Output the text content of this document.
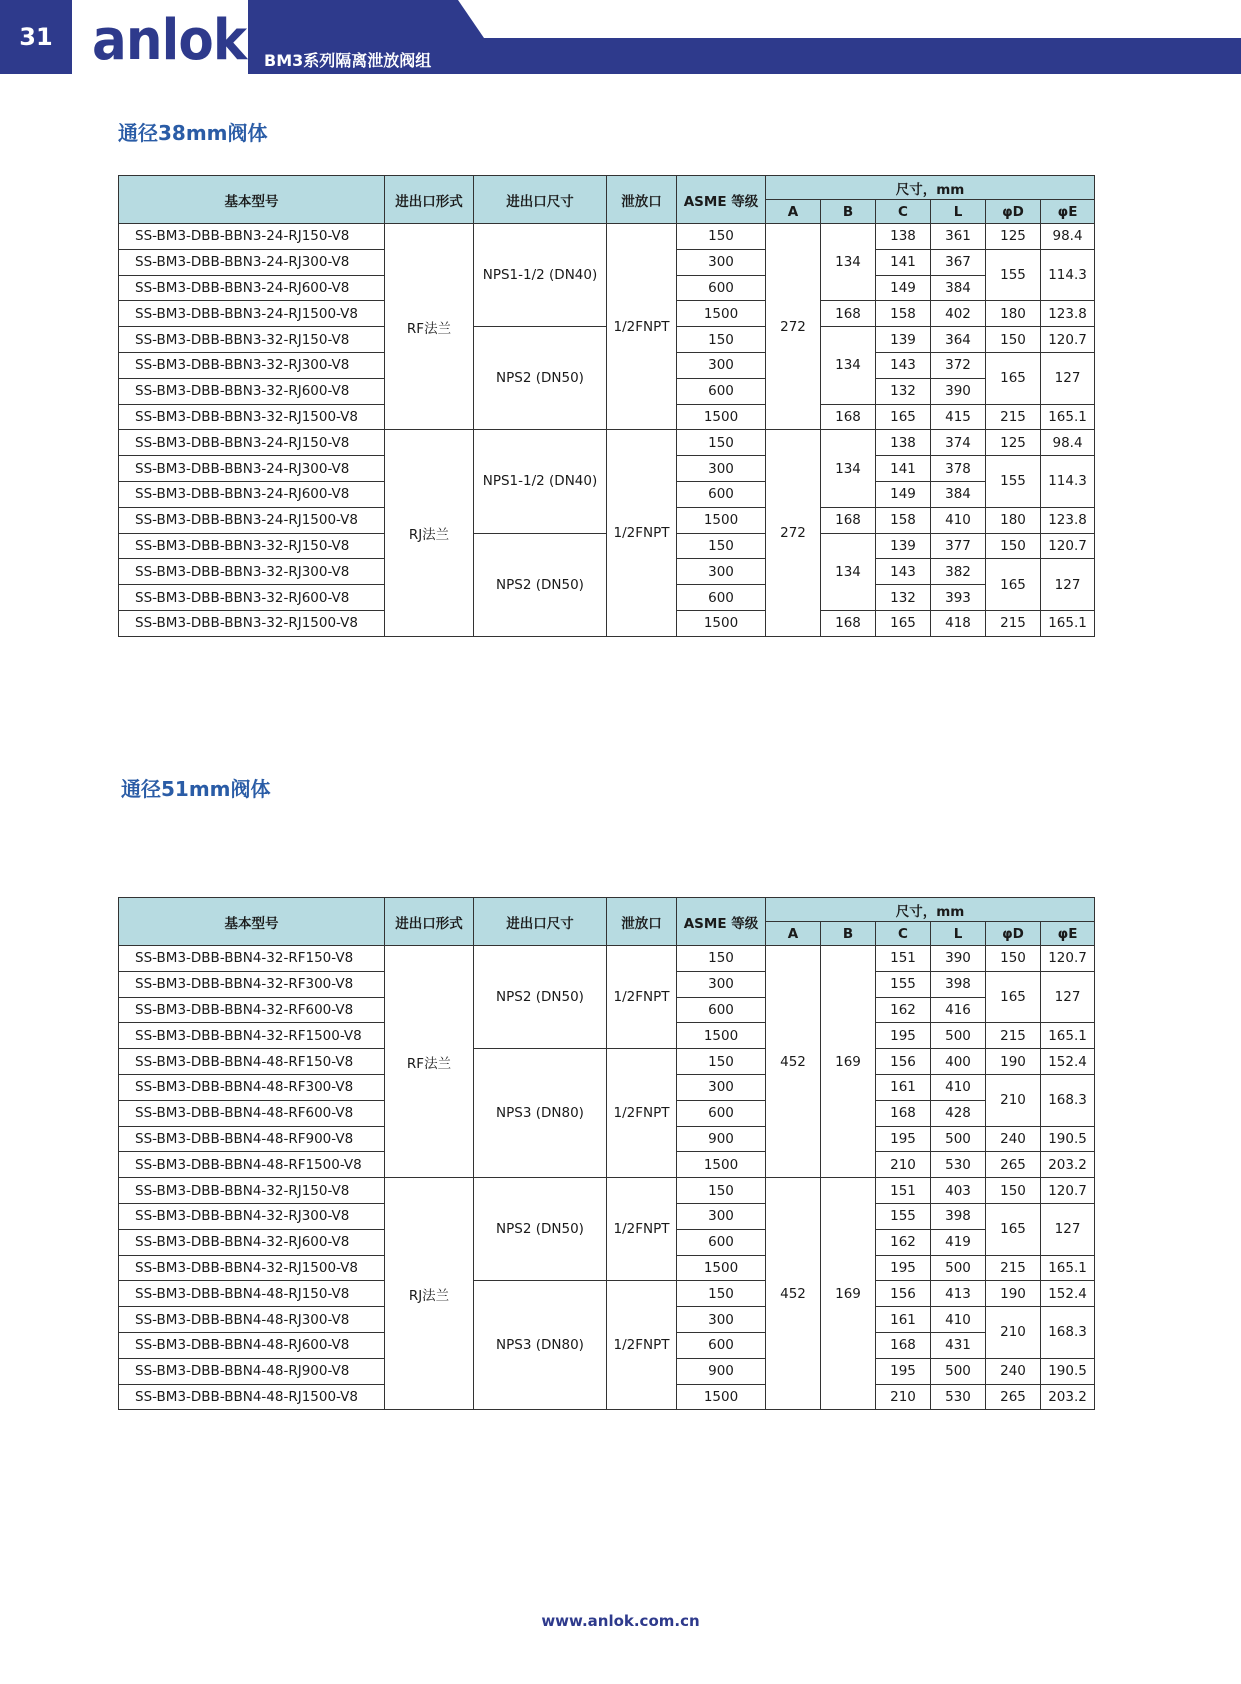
31 anlok BM3系列隔离泄放阀组
通径38mm阀体
基本型号	进出口形式	进出口尺寸	泄放口	ASME 等级	尺寸，mm					
					A	B	C	L	φD	φE
SS-BM3-DBB-BBN3-24-RJ150-V8	RF法兰	NPS1-1/2 (DN40)	1/2FNPT	150	272	134	138	361	125	98.4
SS-BM3-DBB-BBN3-24-RJ300-V8				300			141	367	155	114.3
SS-BM3-DBB-BBN3-24-RJ600-V8				600			149	384		
SS-BM3-DBB-BBN3-24-RJ1500-V8				1500		168	158	402	180	123.8
SS-BM3-DBB-BBN3-32-RJ150-V8		NPS2 (DN50)		150		134	139	364	150	120.7
SS-BM3-DBB-BBN3-32-RJ300-V8				300			143	372	165	127
SS-BM3-DBB-BBN3-32-RJ600-V8				600			132	390		
SS-BM3-DBB-BBN3-32-RJ1500-V8				1500		168	165	415	215	165.1
SS-BM3-DBB-BBN3-24-RJ150-V8	RJ法兰	NPS1-1/2 (DN40)	1/2FNPT	150	272	134	138	374	125	98.4
SS-BM3-DBB-BBN3-24-RJ300-V8				300			141	378	155	114.3
SS-BM3-DBB-BBN3-24-RJ600-V8				600			149	384		
SS-BM3-DBB-BBN3-24-RJ1500-V8				1500		168	158	410	180	123.8
SS-BM3-DBB-BBN3-32-RJ150-V8		NPS2 (DN50)		150		134	139	377	150	120.7
SS-BM3-DBB-BBN3-32-RJ300-V8				300			143	382	165	127
SS-BM3-DBB-BBN3-32-RJ600-V8				600			132	393		
SS-BM3-DBB-BBN3-32-RJ1500-V8				1500		168	165	418	215	165.1
通径51mm阀体
基本型号	进出口形式	进出口尺寸	泄放口	ASME 等级	尺寸，mm					
					A	B	C	L	φD	φE
SS-BM3-DBB-BBN4-32-RF150-V8	RF法兰	NPS2 (DN50)	1/2FNPT	150	452	169	151	390	150	120.7
SS-BM3-DBB-BBN4-32-RF300-V8				300			155	398	165	127
SS-BM3-DBB-BBN4-32-RF600-V8				600			162	416		
SS-BM3-DBB-BBN4-32-RF1500-V8				1500			195	500	215	165.1
SS-BM3-DBB-BBN4-48-RF150-V8		NPS3 (DN80)	1/2FNPT	150			156	400	190	152.4
SS-BM3-DBB-BBN4-48-RF300-V8				300			161	410	210	168.3
SS-BM3-DBB-BBN4-48-RF600-V8				600			168	428		
SS-BM3-DBB-BBN4-48-RF900-V8				900			195	500	240	190.5
SS-BM3-DBB-BBN4-48-RF1500-V8				1500			210	530	265	203.2
SS-BM3-DBB-BBN4-32-RJ150-V8	RJ法兰	NPS2 (DN50)	1/2FNPT	150	452	169	151	403	150	120.7
SS-BM3-DBB-BBN4-32-RJ300-V8				300			155	398	165	127
SS-BM3-DBB-BBN4-32-RJ600-V8				600			162	419		
SS-BM3-DBB-BBN4-32-RJ1500-V8				1500			195	500	215	165.1
SS-BM3-DBB-BBN4-48-RJ150-V8		NPS3 (DN80)	1/2FNPT	150			156	413	190	152.4
SS-BM3-DBB-BBN4-48-RJ300-V8				300			161	410	210	168.3
SS-BM3-DBB-BBN4-48-RJ600-V8				600			168	431		
SS-BM3-DBB-BBN4-48-RJ900-V8				900			195	500	240	190.5
SS-BM3-DBB-BBN4-48-RJ1500-V8				1500			210	530	265	203.2
www.anlok.com.cn
